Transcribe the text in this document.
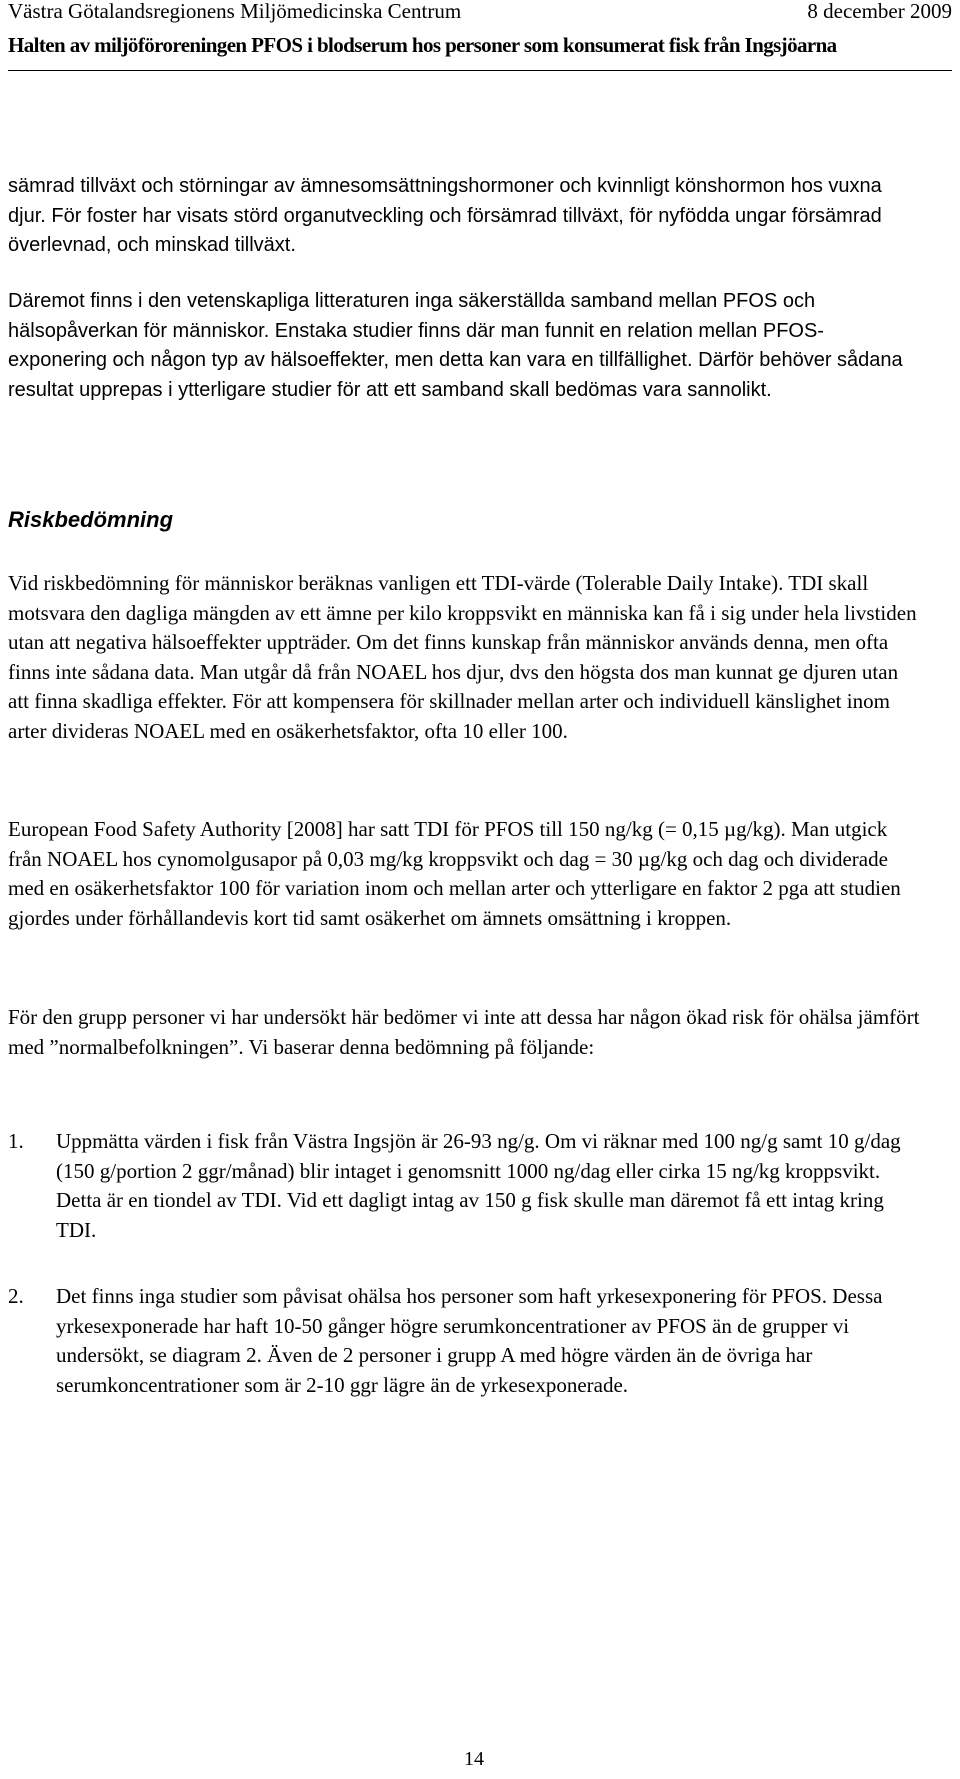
Västra Götalandsregionens Miljömedicinska Centrum	8 december 2009
Halten av miljöföroreningen PFOS i blodserum hos personer som konsumerat fisk från Ingsjöarna

sämrad tillväxt och störningar av ämnesomsättningshormoner och kvinnligt könshormon hos vuxna djur. För foster har visats störd organutveckling och försämrad tillväxt, för nyfödda ungar försämrad överlevnad, och minskad tillväxt.

Däremot finns i den vetenskapliga litteraturen inga säkerställda samband mellan PFOS och hälsopåverkan för människor. Enstaka studier finns där man funnit en relation mellan PFOS-exponering och någon typ av hälsoeffekter, men detta kan vara en tillfällighet. Därför behöver sådana resultat upprepas i ytterligare studier för att ett samband skall bedömas vara sannolikt.

Riskbedömning

Vid riskbedömning för människor beräknas vanligen ett TDI-värde (Tolerable Daily Intake). TDI skall motsvara den dagliga mängden av ett ämne per kilo kroppsvikt en människa kan få i sig under hela livstiden utan att negativa hälsoeffekter uppträder. Om det finns kunskap från människor används denna, men ofta finns inte sådana data. Man utgår då från NOAEL hos djur, dvs den högsta dos man kunnat ge djuren utan att finna skadliga effekter. För att kompensera för skillnader mellan arter och individuell känslighet inom arter divideras NOAEL med en osäkerhetsfaktor, ofta 10 eller 100.

European Food Safety Authority [2008] har satt TDI för PFOS till 150 ng/kg (= 0,15 µg/kg). Man utgick från NOAEL hos cynomolgusapor på 0,03 mg/kg kroppsvikt och dag = 30 µg/kg och dag och dividerade med en osäkerhetsfaktor 100 för variation inom och mellan arter och ytterligare en faktor 2 pga att studien gjordes under förhållandevis kort tid samt osäkerhet om ämnets omsättning i kroppen.

För den grupp personer vi har undersökt här bedömer vi inte att dessa har någon ökad risk för ohälsa jämfört med ”normalbefolkningen”. Vi baserar denna bedömning på följande:

1. Uppmätta värden i fisk från Västra Ingsjön är 26-93 ng/g. Om vi räknar med 100 ng/g samt 10 g/dag (150 g/portion 2 ggr/månad) blir intaget i genomsnitt 1000 ng/dag eller cirka 15 ng/kg kroppsvikt. Detta är en tiondel av TDI. Vid ett dagligt intag av 150 g fisk skulle man däremot få ett intag kring TDI.
2. Det finns inga studier som påvisat ohälsa hos personer som haft yrkesexponering för PFOS. Dessa yrkesexponerade har haft 10-50 gånger högre serumkoncentrationer av PFOS än de grupper vi undersökt, se diagram 2. Även de 2 personer i grupp A med högre värden än de övriga har serumkoncentrationer som är 2-10 ggr lägre än de yrkesexponerade.
14
